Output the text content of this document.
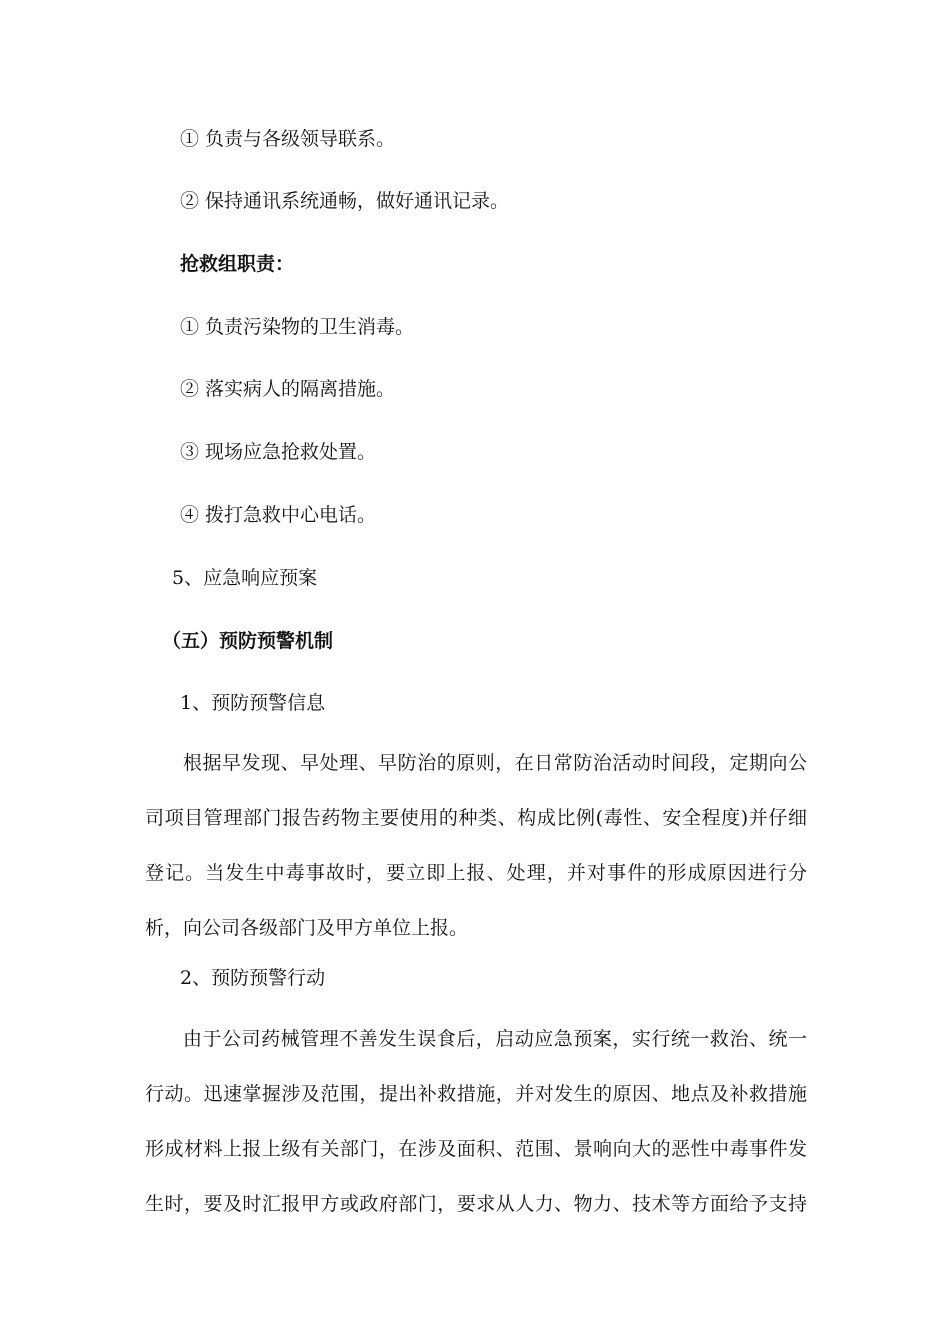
① 负责与各级领导联系。

② 保持通讯系统通畅，做好通讯记录。

抢救组职责：

① 负责污染物的卫生消毒。

② 落实病人的隔离措施。

③ 现场应急抢救处置。

④ 拨打急救中心电话。

5、应急响应预案

（五）预防预警机制

1、预防预警信息

根据早发现、早处理、早防治的原则，在日常防治活动时间段，定期向公
司项目管理部门报告药物主要使用的种类、构成比例(毒性、安全程度)并仔细
登记。当发生中毒事故时，要立即上报、处理，并对事件的形成原因进行分
析，向公司各级部门及甲方单位上报。

2、预防预警行动

由于公司药械管理不善发生误食后，启动应急预案，实行统一救治、统一
行动。迅速掌握涉及范围，提出补救措施，并对发生的原因、地点及补救措施
形成材料上报上级有关部门，在涉及面积、范围、景响向大的恶性中毒事件发
生时，要及时汇报甲方或政府部门，要求从人力、物力、技术等方面给予支持
